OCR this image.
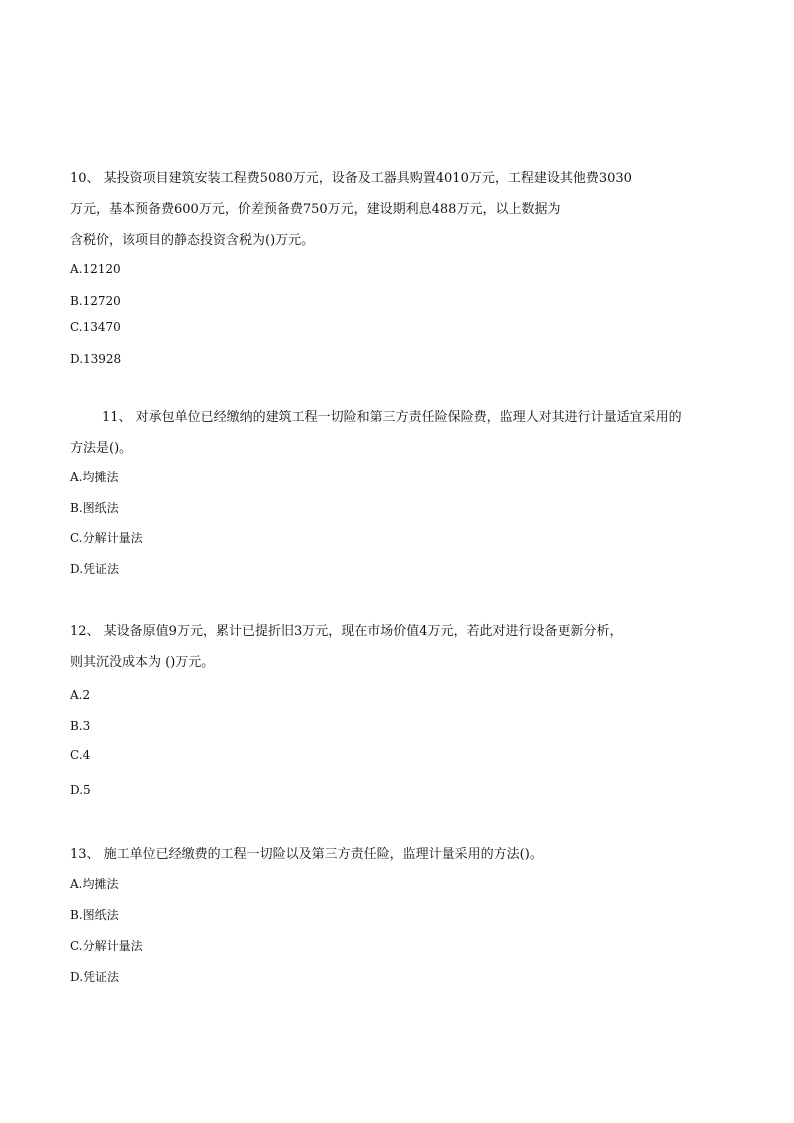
10、 某投资项目建筑安装工程费5080万元，设备及工器具购置4010万元，工程建设其他费3030
万元，基本预备费600万元，价差预备费750万元，建设期利息488万元，以上数据为
含税价，该项目的静态投资含税为()万元。
A.12120
B.12720
C.13470
D.13928
11、 对承包单位已经缴纳的建筑工程一切险和第三方责任险保险费，监理人对其进行计量适宜采用的
方法是()。
A.均摊法
B.图纸法
C.分解计量法
D.凭证法
12、 某设备原值9万元，累计已提折旧3万元，现在市场价值4万元，若此对进行设备更新分析，
则其沉没成本为 ()万元。
A.2
B.3
C.4
D.5
13、 施工单位已经缴费的工程一切险以及第三方责任险，监理计量采用的方法()。
A.均摊法
B.图纸法
C.分解计量法
D.凭证法
